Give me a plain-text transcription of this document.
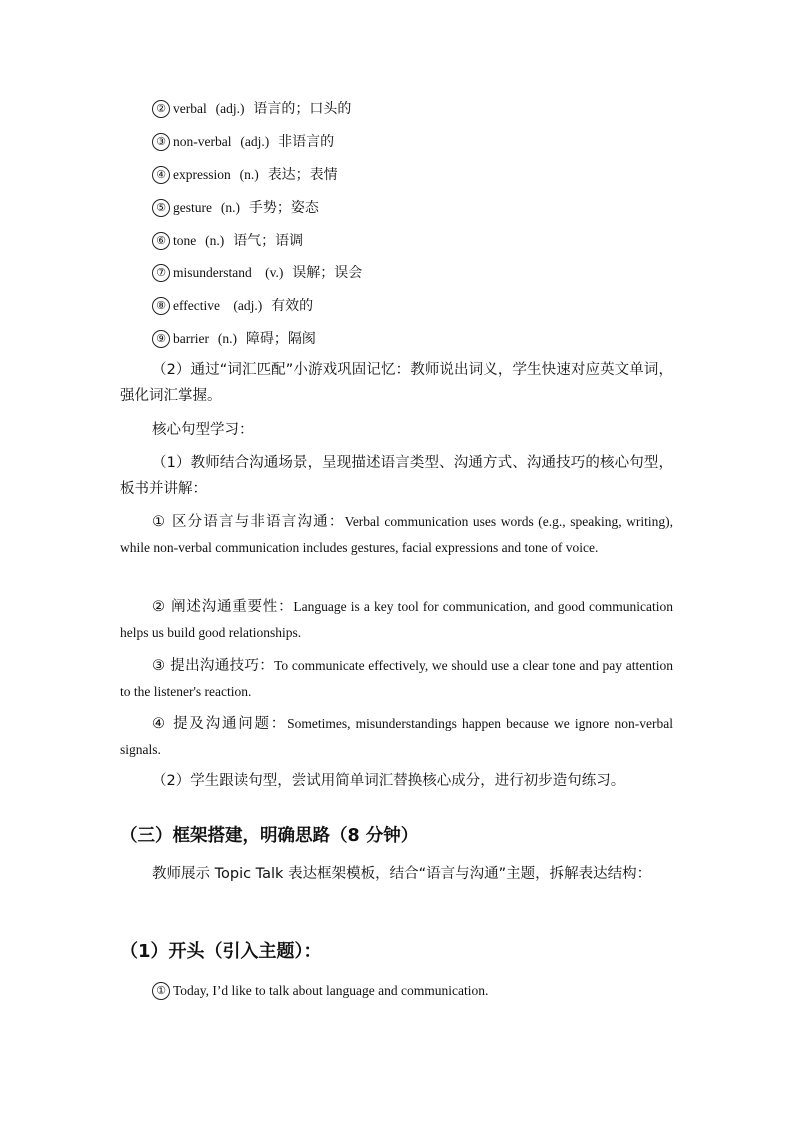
② verbal (adj.) 语言的；口头的
③ non-verbal (adj.) 非语言的
④ expression (n.) 表达；表情
⑤ gesture (n.) 手势；姿态
⑥ tone (n.) 语气；语调
⑦ misunderstand (v.) 误解；误会
⑧ effective (adj.) 有效的
⑨ barrier (n.) 障碍；隔阂
（2）通过“词汇匹配”小游戏巩固记忆：教师说出词义，学生快速对应英文单词，强化词汇掌握。
核心句型学习：
（1）教师结合沟通场景，呈现描述语言类型、沟通方式、沟通技巧的核心句型，板书并讲解：
① 区分语言与非语言沟通：Verbal communication uses words (e.g., speaking, writing), while non-verbal communication includes gestures, facial expressions and tone of voice.
② 阐述沟通重要性：Language is a key tool for communication, and good communication helps us build good relationships.
③ 提出沟通技巧：To communicate effectively, we should use a clear tone and pay attention to the listener's reaction.
④ 提及沟通问题：Sometimes, misunderstandings happen because we ignore non-verbal signals.
（2）学生跟读句型，尝试用简单词汇替换核心成分，进行初步造句练习。
（三）框架搭建，明确思路（8 分钟）
教师展示 Topic Talk 表达框架模板，结合“语言与沟通”主题，拆解表达结构：
（1）开头（引入主题）：
① Today, I’d like to talk about language and communication.
